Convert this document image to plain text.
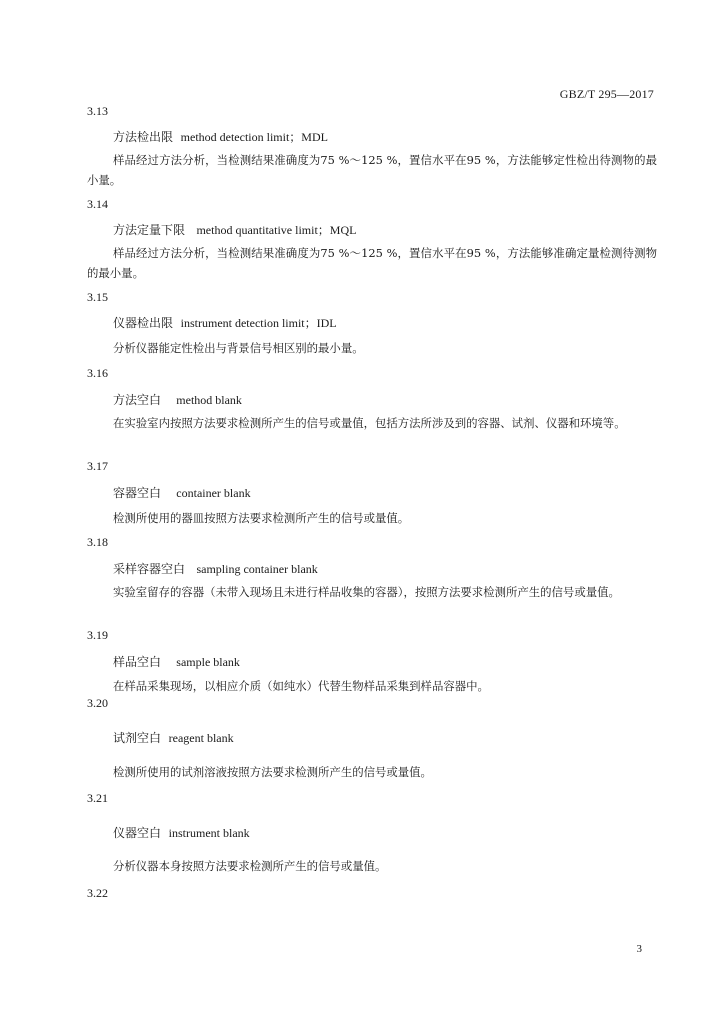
GBZ/T 295—2017
3.13
方法检出限 method detection limit；MDL
样品经过方法分析，当检测结果准确度为75 %～125 %，置信水平在95 %，方法能够定性检出待测物的最小量。
3.14
方法定量下限 method quantitative limit；MQL
样品经过方法分析，当检测结果准确度为75 %～125 %，置信水平在95 %，方法能够准确定量检测待测物的最小量。
3.15
仪器检出限 instrument detection limit；IDL
分析仪器能定性检出与背景信号相区别的最小量。
3.16
方法空白 method blank
在实验室内按照方法要求检测所产生的信号或量值，包括方法所涉及到的容器、试剂、仪器和环境等。
3.17
容器空白 container blank
检测所使用的器皿按照方法要求检测所产生的信号或量值。
3.18
采样容器空白 sampling container blank
实验室留存的容器（未带入现场且未进行样品收集的容器），按照方法要求检测所产生的信号或量值。
3.19
样品空白 sample blank
在样品采集现场，以相应介质（如纯水）代替生物样品采集到样品容器中。
3.20
试剂空白 reagent blank
检测所使用的试剂溶液按照方法要求检测所产生的信号或量值。
3.21
仪器空白 instrument blank
分析仪器本身按照方法要求检测所产生的信号或量值。
3.22
3
